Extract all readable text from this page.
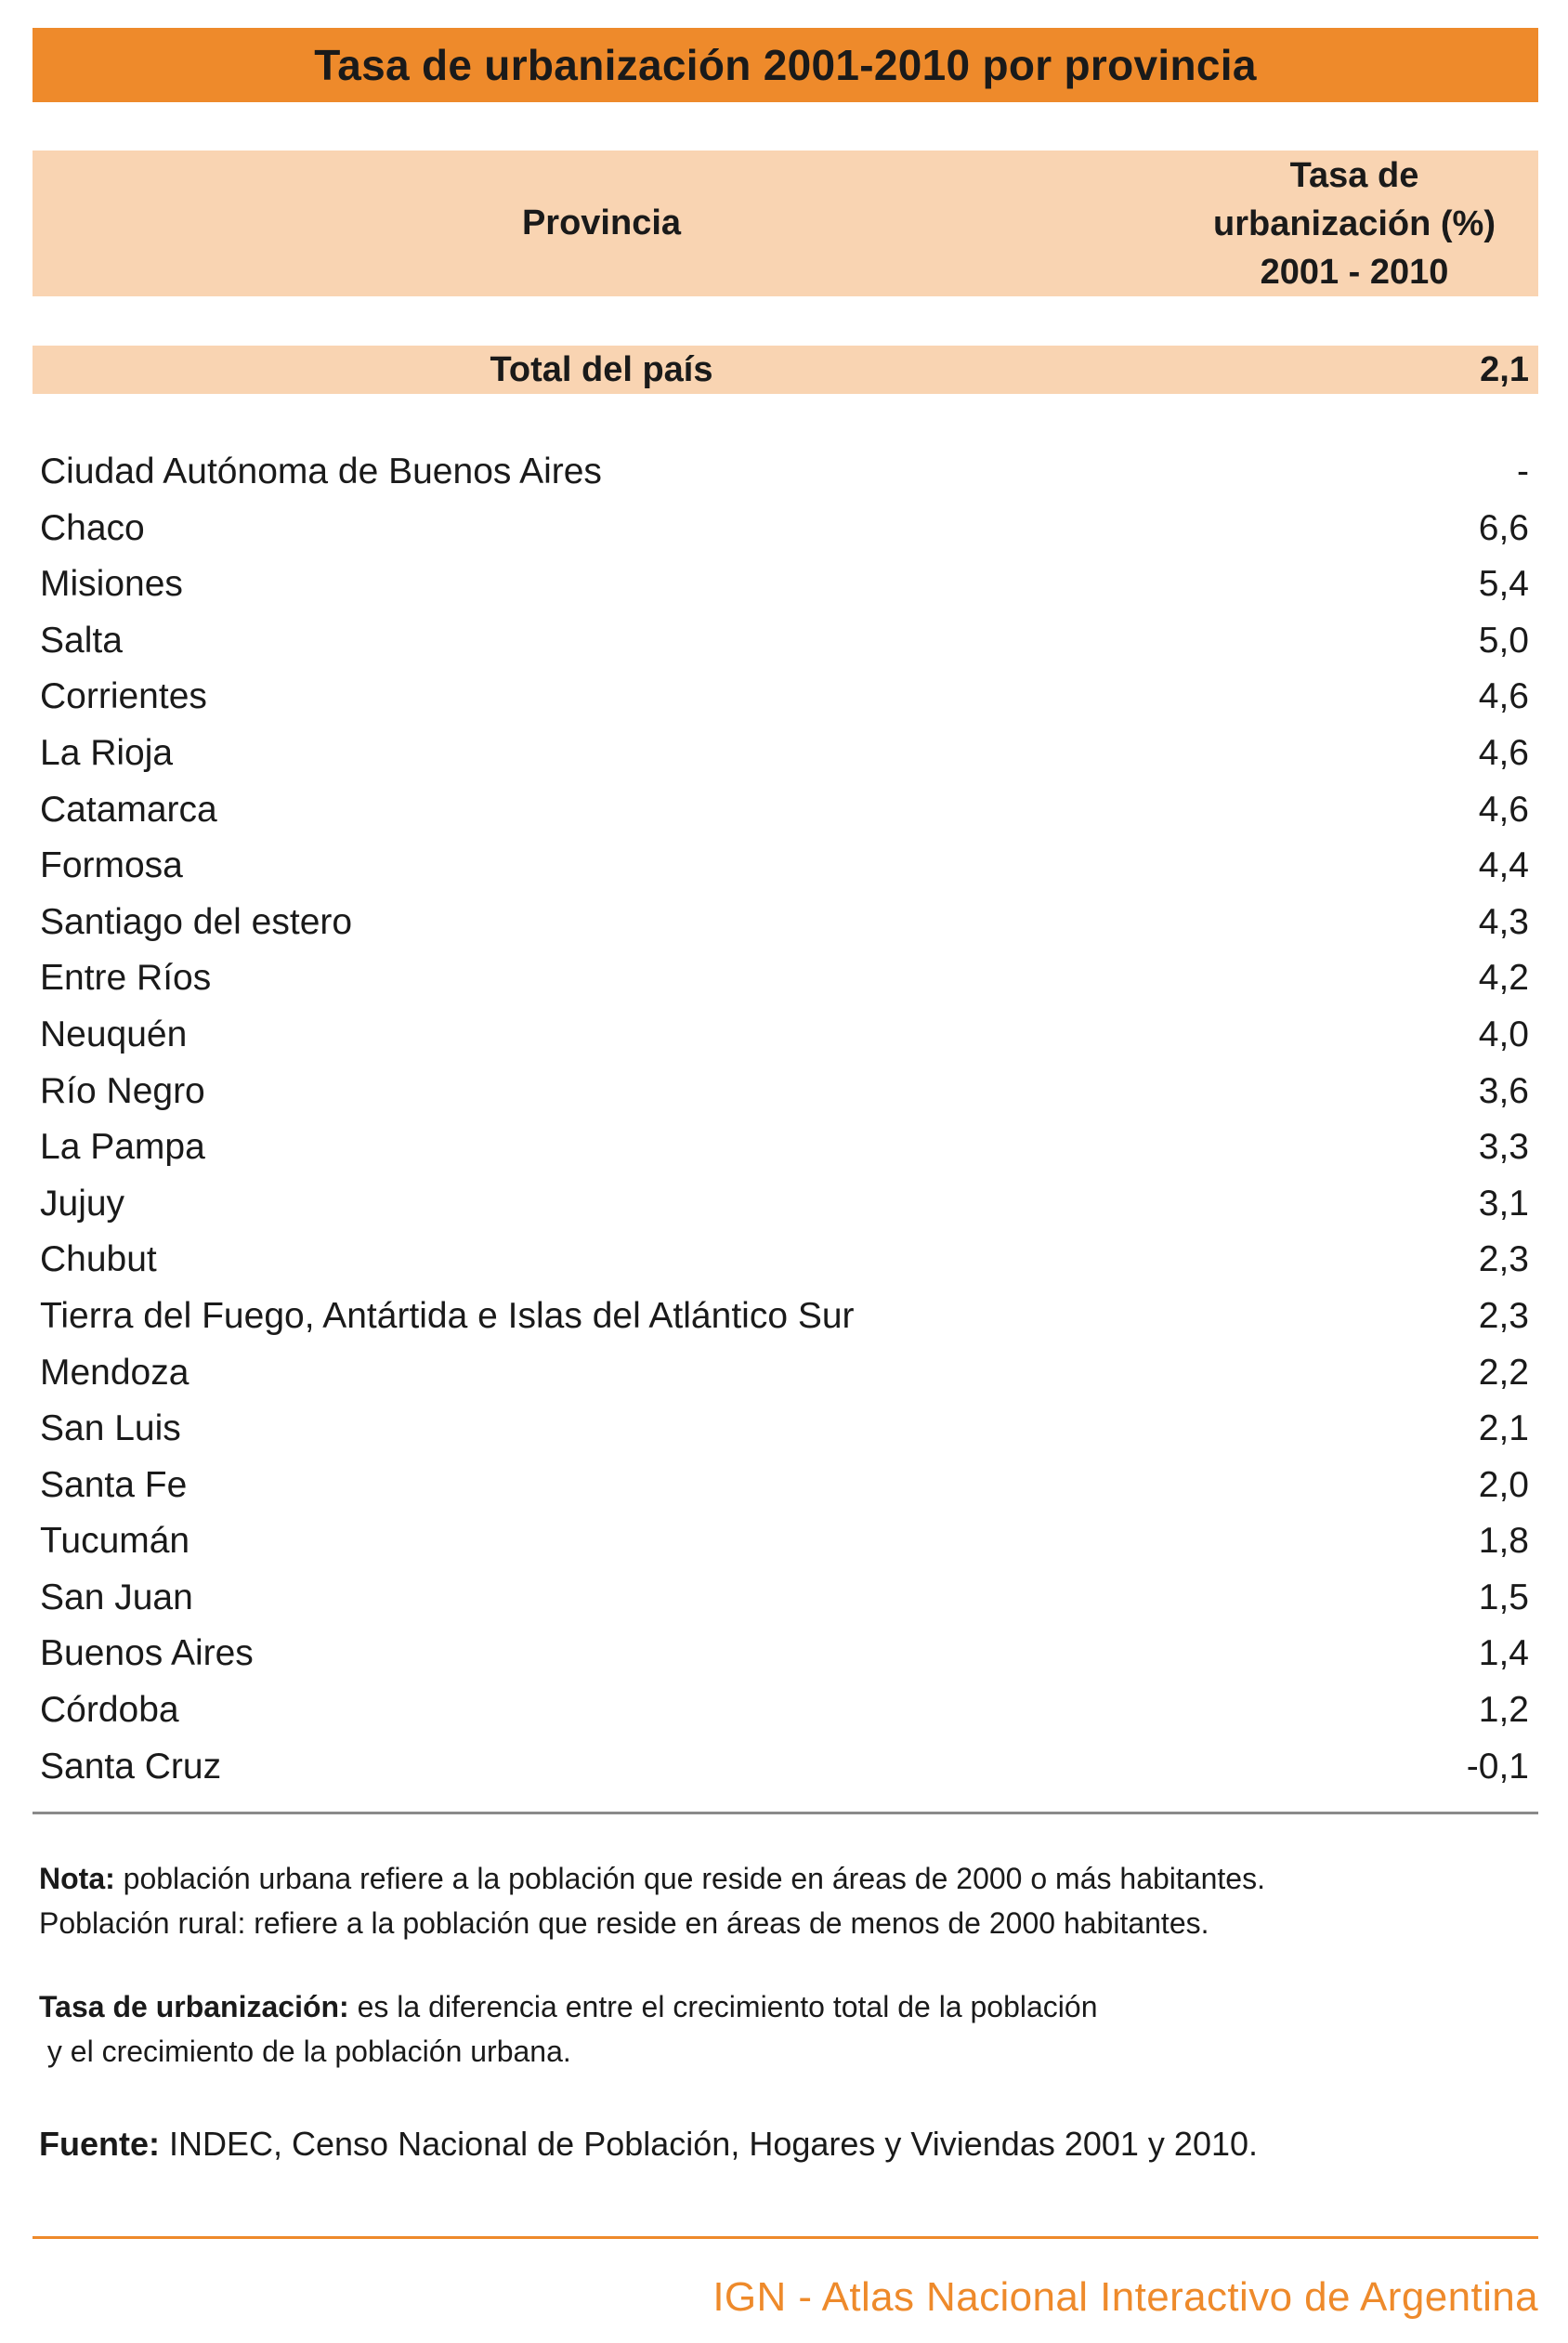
Tasa de urbanización 2001-2010 por provincia
Provincia
Tasa de
urbanización (%)
2001 - 2010
Total del país	2,1
Ciudad Autónoma de Buenos Aires	-
Chaco	6,6
Misiones	5,4
Salta	5,0
Corrientes	4,6
La Rioja	4,6
Catamarca	4,6
Formosa	4,4
Santiago del estero	4,3
Entre Ríos	4,2
Neuquén	4,0
Río Negro	3,6
La Pampa	3,3
Jujuy	3,1
Chubut	2,3
Tierra del Fuego, Antártida e Islas del Atlántico Sur	2,3
Mendoza	2,2
San Luis	2,1
Santa Fe	2,0
Tucumán	1,8
San Juan	1,5
Buenos Aires	1,4
Córdoba	1,2
Santa Cruz	-0,1

Nota: población urbana refiere a la población que reside en áreas de 2000 o más habitantes.

Población rural: refiere a la población que reside en áreas de menos de 2000 habitantes.

Tasa de urbanización: es la diferencia entre el crecimiento total de la población

y el crecimiento de la población urbana.

Fuente: INDEC, Censo Nacional de Población, Hogares y Viviendas 2001 y 2010.

IGN - Atlas Nacional Interactivo de Argentina
